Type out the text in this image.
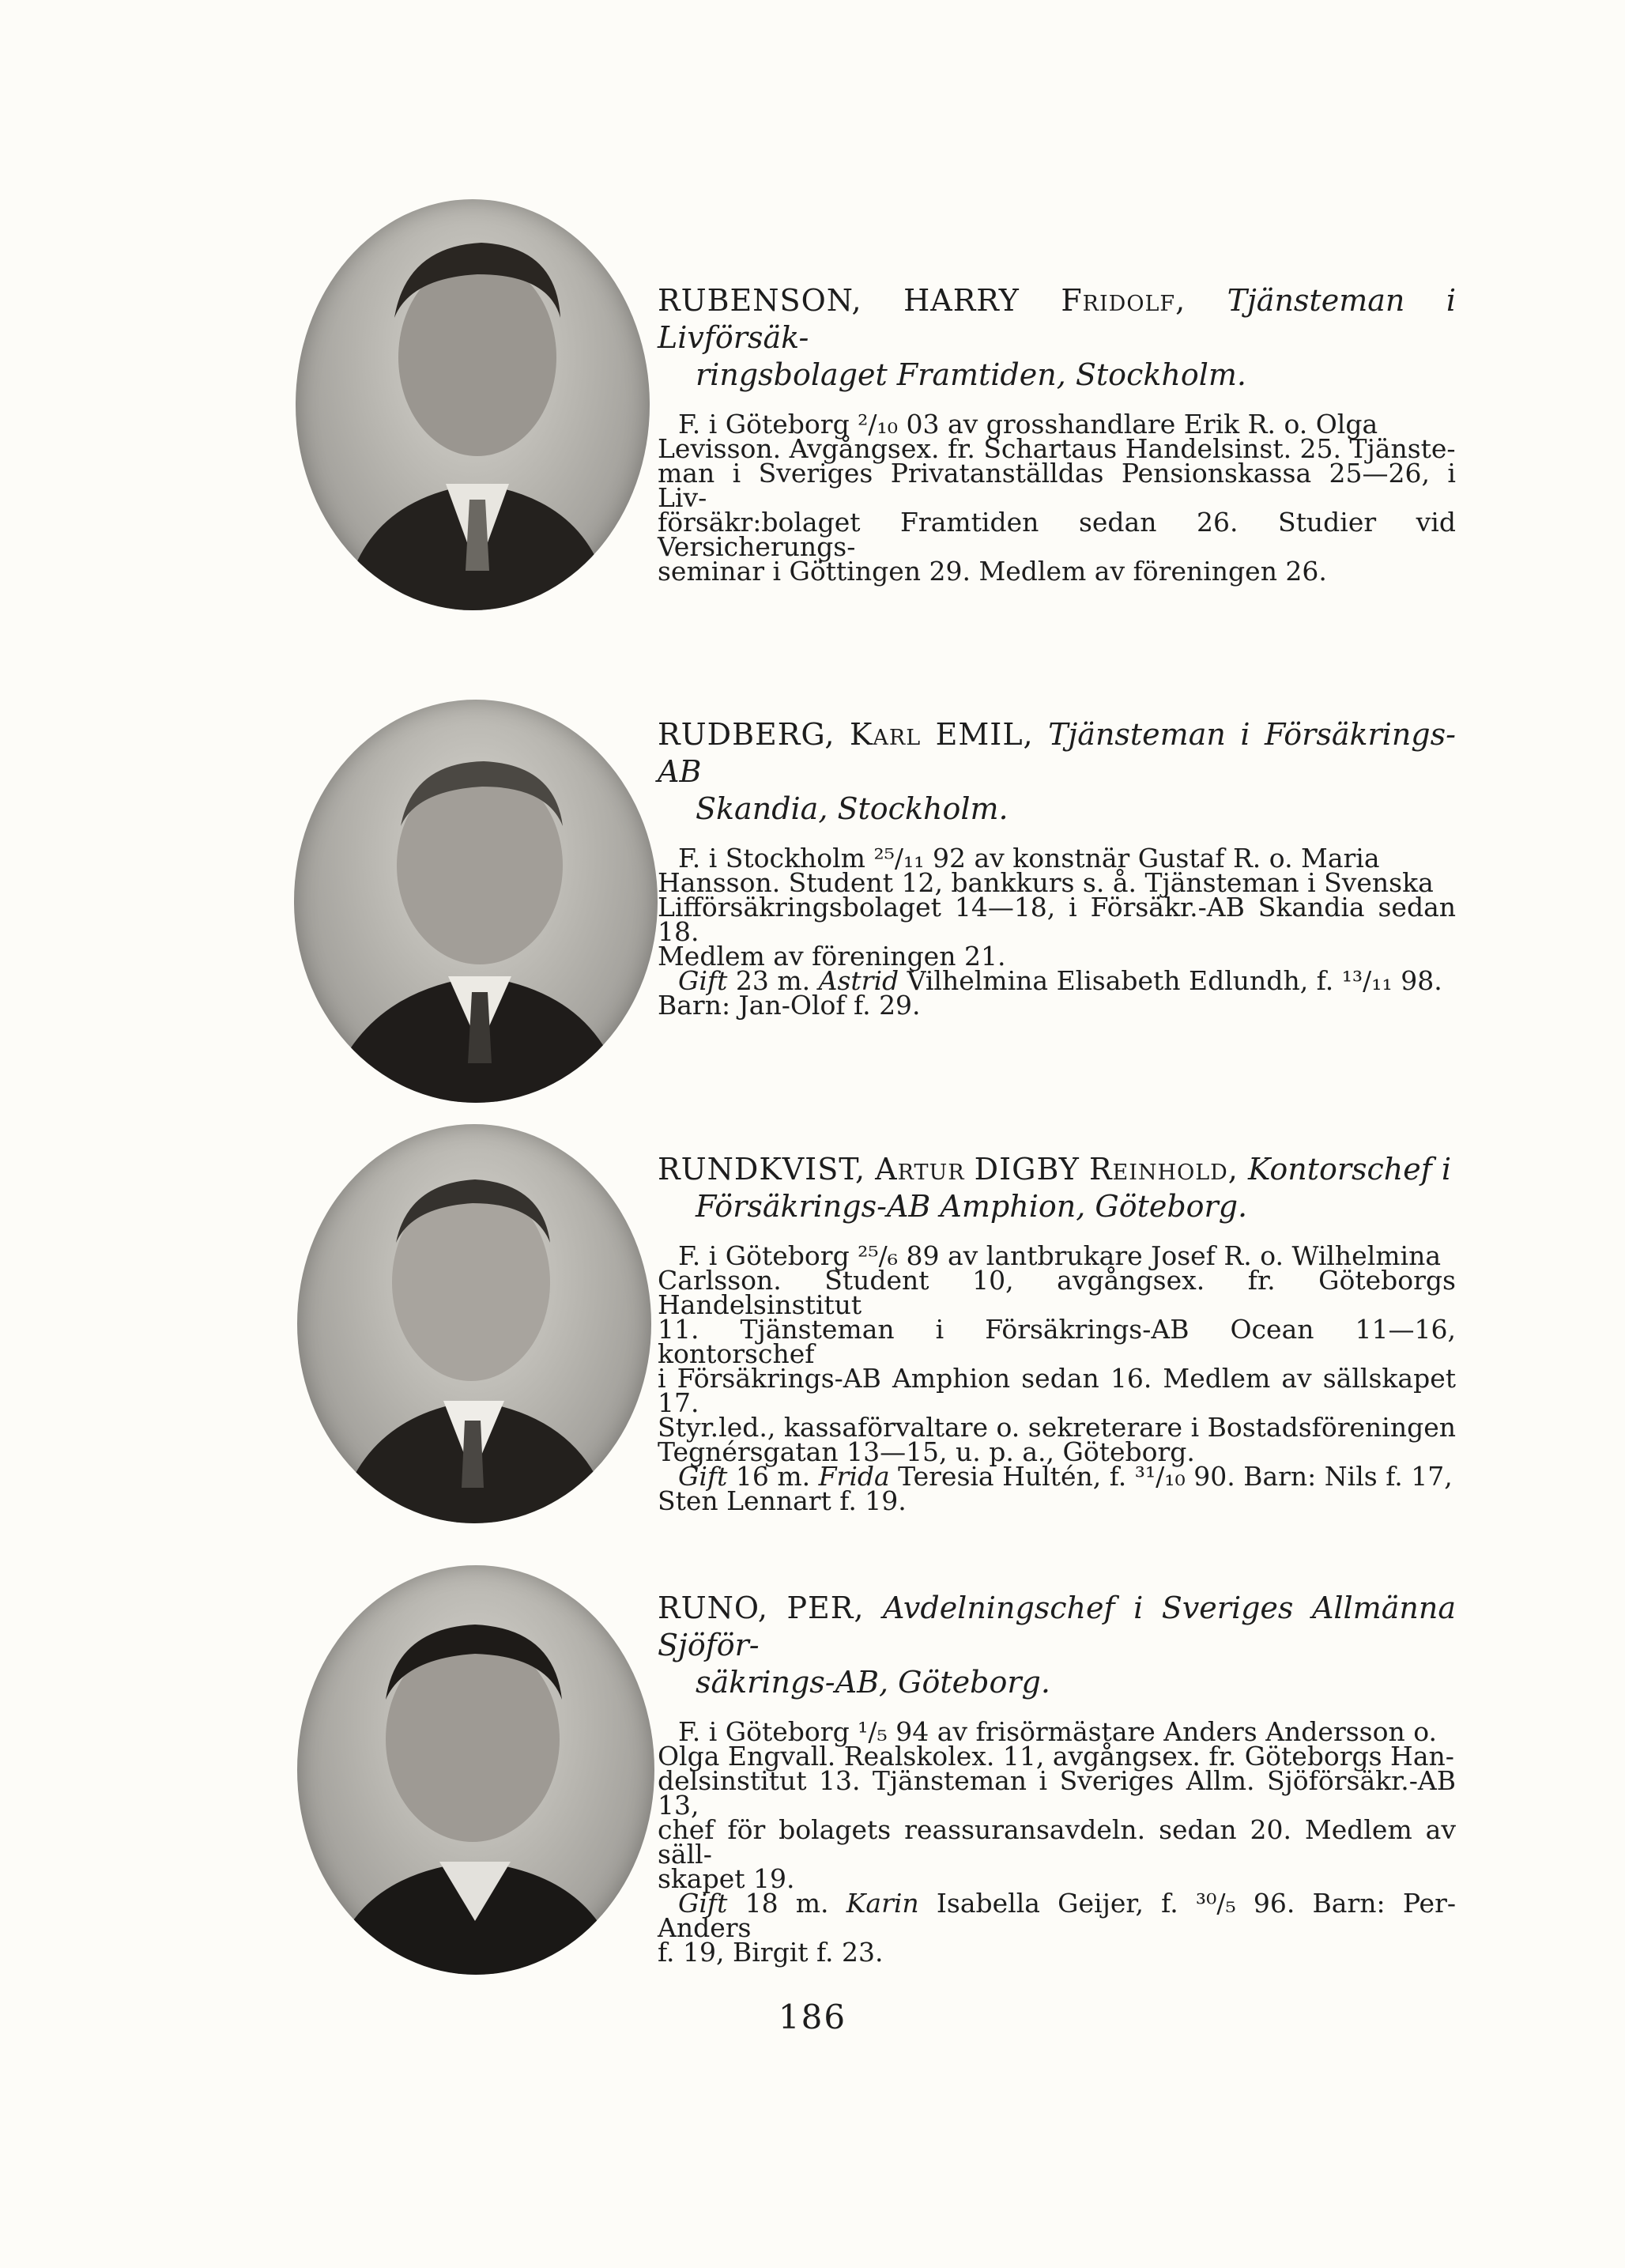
RUBENSON, HARRY Fridolf, Tjänsteman i Livförsäk-
ringsbolaget Framtiden, Stockholm.

F. i Göteborg ²/₁₀ 03 av grosshandlare Erik R. o. Olga

Levisson. Avgångsex. fr. Schartaus Handelsinst. 25. Tjänste-

man i Sveriges Privatanställdas Pensionskassa 25—26, i Liv-

försäkr:bolaget Framtiden sedan 26. Studier vid Versicherungs-

seminar i Göttingen 29. Medlem av föreningen 26.

RUDBERG, Karl EMIL, Tjänsteman i Försäkrings-AB
Skandia, Stockholm.

F. i Stockholm ²⁵/₁₁ 92 av konstnär Gustaf R. o. Maria

Hansson. Student 12, bankkurs s. å. Tjänsteman i Svenska

Lifförsäkringsbolaget 14—18, i Försäkr.-AB Skandia sedan 18.

Medlem av föreningen 21.

Gift 23 m. Astrid Vilhelmina Elisabeth Edlundh, f. ¹³/₁₁ 98.

Barn: Jan-Olof f. 29.

RUNDKVIST, Artur DIGBY Reinhold, Kontorschef i
Försäkrings-AB Amphion, Göteborg.

F. i Göteborg ²⁵/₆ 89 av lantbrukare Josef R. o. Wilhelmina

Carlsson. Student 10, avgångsex. fr. Göteborgs Handelsinstitut

11. Tjänsteman i Försäkrings-AB Ocean 11—16, kontorschef

i Försäkrings-AB Amphion sedan 16. Medlem av sällskapet 17.

Styr.led., kassaförvaltare o. sekreterare i Bostadsföreningen

Tegnérsgatan 13—15, u. p. a., Göteborg.

Gift 16 m. Frida Teresia Hultén, f. ³¹/₁₀ 90. Barn: Nils f. 17,

Sten Lennart f. 19.

RUNO, PER, Avdelningschef i Sveriges Allmänna Sjöför-
säkrings-AB, Göteborg.

F. i Göteborg ¹/₅ 94 av frisörmästare Anders Andersson o.

Olga Engvall. Realskolex. 11, avgångsex. fr. Göteborgs Han-

delsinstitut 13. Tjänsteman i Sveriges Allm. Sjöförsäkr.-AB 13,

chef för bolagets reassuransavdeln. sedan 20. Medlem av säll-

skapet 19.

Gift 18 m. Karin Isabella Geijer, f. ³⁰/₅ 96. Barn: Per-Anders

f. 19, Birgit f. 23.

186
